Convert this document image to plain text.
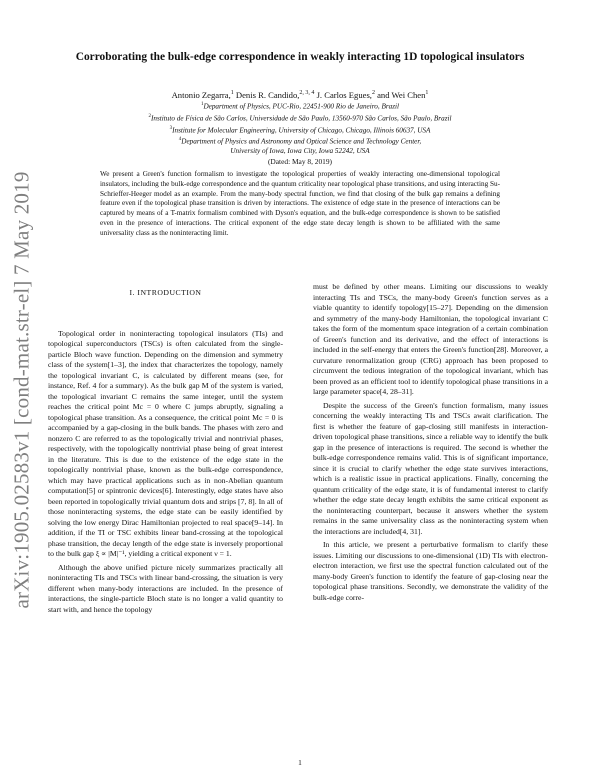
arXiv:1905.02583v1 [cond-mat.str-el] 7 May 2019
Corroborating the bulk-edge correspondence in weakly interacting 1D topological insulators
Antonio Zegarra,$^1$ Denis R. Candido,$^{2, 3, 4}$ J. Carlos Egues,$^2$ and Wei Chen$^1$
$^1$Department of Physics, PUC-Rio, 22451-900 Rio de Janeiro, Brazil
$^2$Instituto de Física de São Carlos, Universidade de São Paulo, 13560-970 São Carlos, São Paulo, Brazil
$^3$Institute for Molecular Engineering, University of Chicago, Chicago, Illinois 60637, USA
$^4$Department of Physics and Astronomy and Optical Science and Technology Center,
University of Iowa, Iowa City, Iowa 52242, USA
(Dated: May 8, 2019)
We present a Green's function formalism to investigate the topological properties of weakly interacting one-dimensional topological insulators, including the bulk-edge correspondence and the quantum criticality near topological phase transitions, and using interacting Su-Schrieffer-Heeger model as an example. From the many-body spectral function, we find that closing of the bulk gap remains a defining feature even if the topological phase transition is driven by interactions. The existence of edge state in the presence of interactions can be captured by means of a T-matrix formalism combined with Dyson's equation, and the bulk-edge correspondence is shown to be satisfied even in the presence of interactions. The critical exponent of the edge state decay length is shown to be affiliated with the same universality class as the noninteracting limit.
I. INTRODUCTION

Topological order in noninteracting topological insulators (TIs) and topological superconductors (TSCs) is often calculated from the single-particle Bloch wave function. Depending on the dimension and symmetry class of the system[1–3], the index that characterizes the topology, namely the topological invariant C, is calculated by different means (see, for instance, Ref. 4 for a summary). As the bulk gap M of the system is varied, the topological invariant C remains the same integer, until the system reaches the critical point Mc = 0 where C jumps abruptly, signaling a topological phase transition. As a consequence, the critical point Mc = 0 is accompanied by a gap-closing in the bulk bands. The phases with zero and nonzero C are referred to as the topologically trivial and nontrivial phases, respectively, with the topologically nontrivial phase being of great interest in the literature. This is due to the existence of the edge state in the topologically nontrivial phase, known as the bulk-edge correspondence, which may have practical applications such as in non-Abelian quantum computation[5] or spintronic devices[6]. Interestingly, edge states have also been reported in topologically trivial quantum dots and strips [7, 8]. In all of those noninteracting systems, the edge state can be easily identified by solving the low energy Dirac Hamiltonian projected to real space[9–14]. In addition, if the TI or TSC exhibits linear band-crossing at the topological phase transition, the decay length of the edge state is inversely proportional to the bulk gap ξ ∝ |M|⁻¹, yielding a critical exponent ν = 1.

Although the above unified picture nicely summarizes practically all noninteracting TIs and TSCs with linear band-crossing, the situation is very different when many-body interactions are included. In the presence of interactions, the single-particle Bloch state is no longer a valid quantity to start with, and hence the topology

must be defined by other means. Limiting our discussions to weakly interacting TIs and TSCs, the many-body Green's function serves as a viable quantity to identify topology[15–27]. Depending on the dimension and symmetry of the many-body Hamiltonian, the topological invariant C takes the form of the momentum space integration of a certain combination of Green's function and its derivative, and the effect of interactions is included in the self-energy that enters the Green's function[28]. Moreover, a curvature renormalization group (CRG) approach has been proposed to circumvent the tedious integration of the topological invariant, which has been proved as an efficient tool to identify topological phase transitions in a large parameter space[4, 28–31].

Despite the success of the Green's function formalism, many issues concerning the weakly interacting TIs and TSCs await clarification. The first is whether the feature of gap-closing still manifests in interaction-driven topological phase transitions, since a reliable way to identify the bulk gap in the presence of interactions is required. The second is whether the bulk-edge correspondence remains valid. This is of significant importance, since it is crucial to clarify whether the edge state survives interactions, which is a realistic issue in practical applications. Finally, concerning the quantum criticality of the edge state, it is of fundamental interest to clarify whether the edge state decay length exhibits the same critical exponent as the noninteracting counterpart, because it answers whether the system remains in the same universality class as the noninteracting system when the interactions are included[4, 31].

In this article, we present a perturbative formalism to clarify these issues. Limiting our discussions to one-dimensional (1D) TIs with electron-electron interaction, we first use the spectral function calculated out of the many-body Green's function to identify the feature of gap-closing near the topological phase transitions. Secondly, we demonstrate the validity of the bulk-edge corre-

1
